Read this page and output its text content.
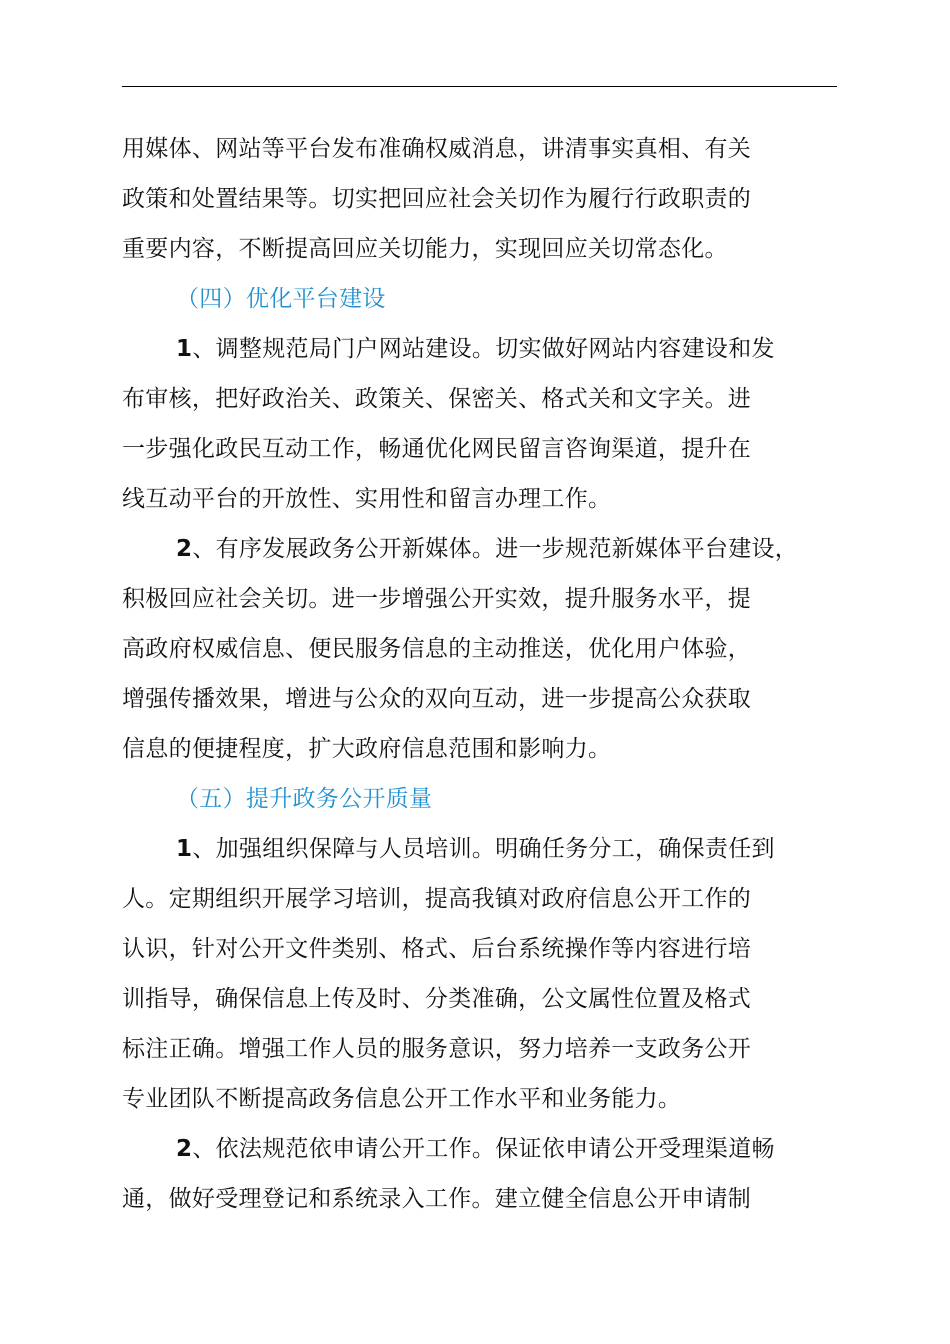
用媒体、网站等平台发布准确权威消息，讲清事实真相、有关
政策和处置结果等。切实把回应社会关切作为履行行政职责的
重要内容，不断提高回应关切能力，实现回应关切常态化。
（四）优化平台建设
1、调整规范局门户网站建设。切实做好网站内容建设和发
布审核，把好政治关、政策关、保密关、格式关和文字关。进
一步强化政民互动工作，畅通优化网民留言咨询渠道，提升在
线互动平台的开放性、实用性和留言办理工作。
2、有序发展政务公开新媒体。进一步规范新媒体平台建设，
积极回应社会关切。进一步增强公开实效，提升服务水平，提
高政府权威信息、便民服务信息的主动推送，优化用户体验，
增强传播效果，增进与公众的双向互动，进一步提高公众获取
信息的便捷程度，扩大政府信息范围和影响力。
（五）提升政务公开质量
1、加强组织保障与人员培训。明确任务分工，确保责任到
人。定期组织开展学习培训，提高我镇对政府信息公开工作的
认识，针对公开文件类别、格式、后台系统操作等内容进行培
训指导，确保信息上传及时、分类准确，公文属性位置及格式
标注正确。增强工作人员的服务意识，努力培养一支政务公开
专业团队不断提高政务信息公开工作水平和业务能力。
2、依法规范依申请公开工作。保证依申请公开受理渠道畅
通，做好受理登记和系统录入工作。建立健全信息公开申请制
